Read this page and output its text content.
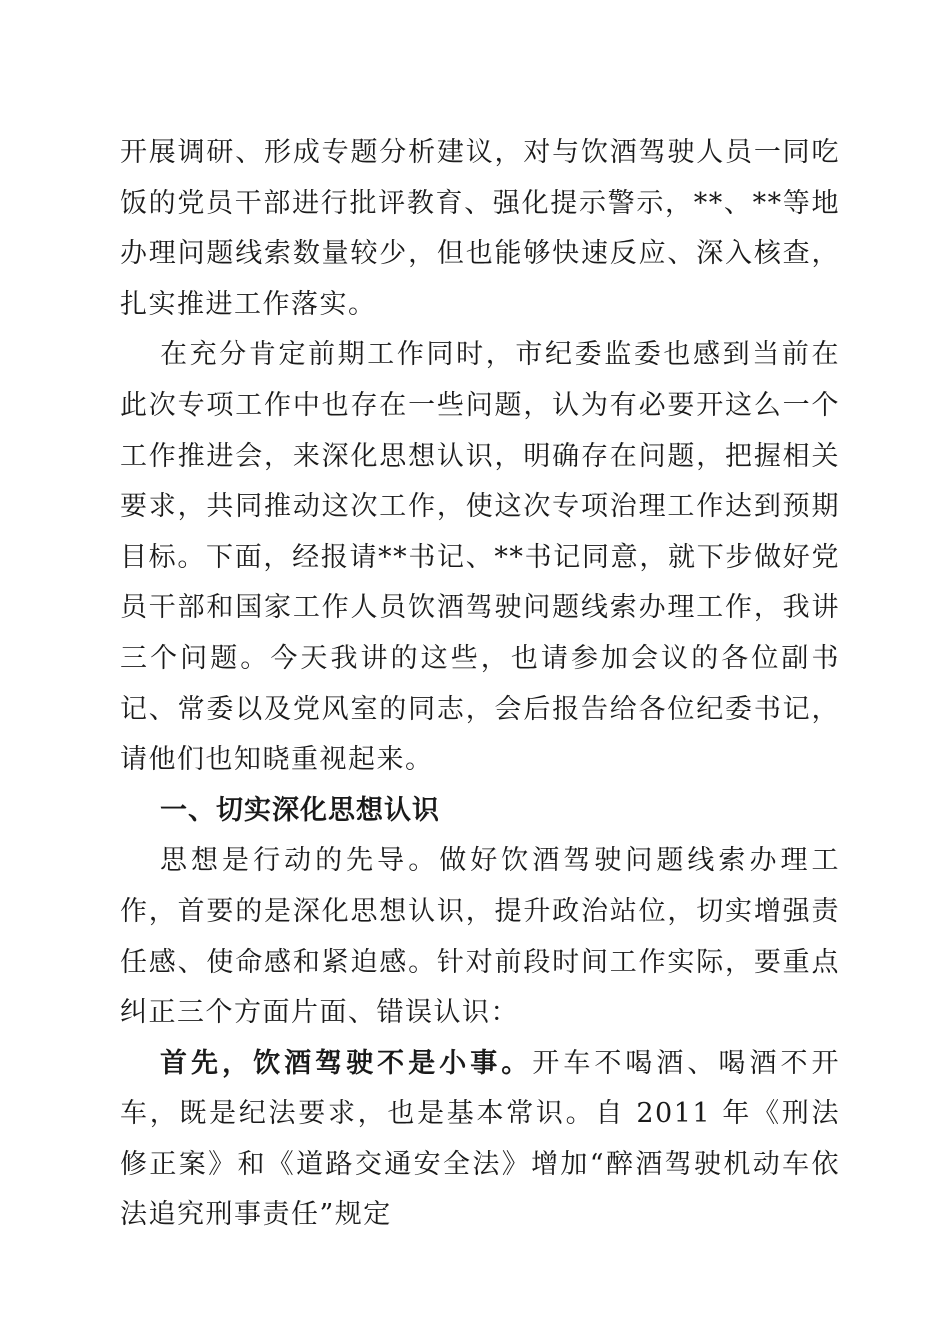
开展调研、形成专题分析建议，对与饮酒驾驶人员一同吃饭的党员干部进行批评教育、强化提示警示，**、**等地办理问题线索数量较少，但也能够快速反应、深入核查，扎实推进工作落实。

在充分肯定前期工作同时，市纪委监委也感到当前在此次专项工作中也存在一些问题，认为有必要开这么一个工作推进会，来深化思想认识，明确存在问题，把握相关要求，共同推动这次工作，使这次专项治理工作达到预期目标。下面，经报请**书记、**书记同意，就下步做好党员干部和国家工作人员饮酒驾驶问题线索办理工作，我讲三个问题。今天我讲的这些，也请参加会议的各位副书记、常委以及党风室的同志，会后报告给各位纪委书记，请他们也知晓重视起来。

一、切实深化思想认识

思想是行动的先导。做好饮酒驾驶问题线索办理工作，首要的是深化思想认识，提升政治站位，切实增强责任感、使命感和紧迫感。针对前段时间工作实际，要重点纠正三个方面片面、错误认识：

首先，饮酒驾驶不是小事。开车不喝酒、喝酒不开车，既是纪法要求，也是基本常识。自 2011 年《刑法修正案》和《道路交通安全法》增加“醉酒驾驶机动车依法追究刑事责任”规定
